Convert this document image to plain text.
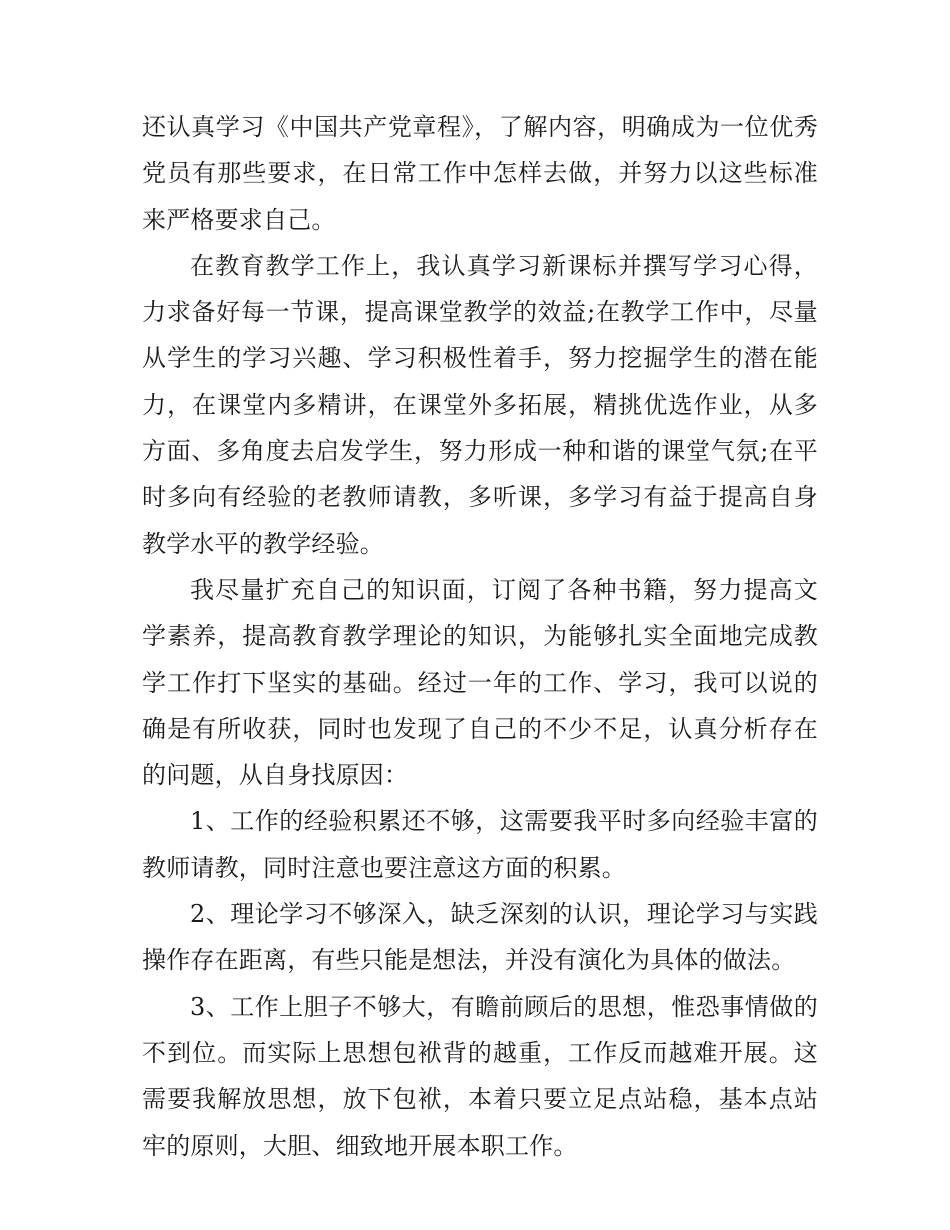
还认真学习《中国共产党章程》，了解内容，明确成为一位优秀党员有那些要求，在日常工作中怎样去做，并努力以这些标准来严格要求自己。

在教育教学工作上，我认真学习新课标并撰写学习心得，力求备好每一节课，提高课堂教学的效益;在教学工作中，尽量从学生的学习兴趣、学习积极性着手，努力挖掘学生的潜在能力，在课堂内多精讲，在课堂外多拓展，精挑优选作业，从多方面、多角度去启发学生，努力形成一种和谐的课堂气氛;在平时多向有经验的老教师请教，多听课，多学习有益于提高自身教学水平的教学经验。

我尽量扩充自己的知识面，订阅了各种书籍，努力提高文学素养，提高教育教学理论的知识，为能够扎实全面地完成教学工作打下坚实的基础。经过一年的工作、学习，我可以说的确是有所收获，同时也发现了自己的不少不足，认真分析存在的问题，从自身找原因：

1、工作的经验积累还不够，这需要我平时多向经验丰富的教师请教，同时注意也要注意这方面的积累。

2、理论学习不够深入，缺乏深刻的认识，理论学习与实践操作存在距离，有些只能是想法，并没有演化为具体的做法。

3、工作上胆子不够大，有瞻前顾后的思想，惟恐事情做的不到位。而实际上思想包袱背的越重，工作反而越难开展。这需要我解放思想，放下包袱，本着只要立足点站稳，基本点站牢的原则，大胆、细致地开展本职工作。
